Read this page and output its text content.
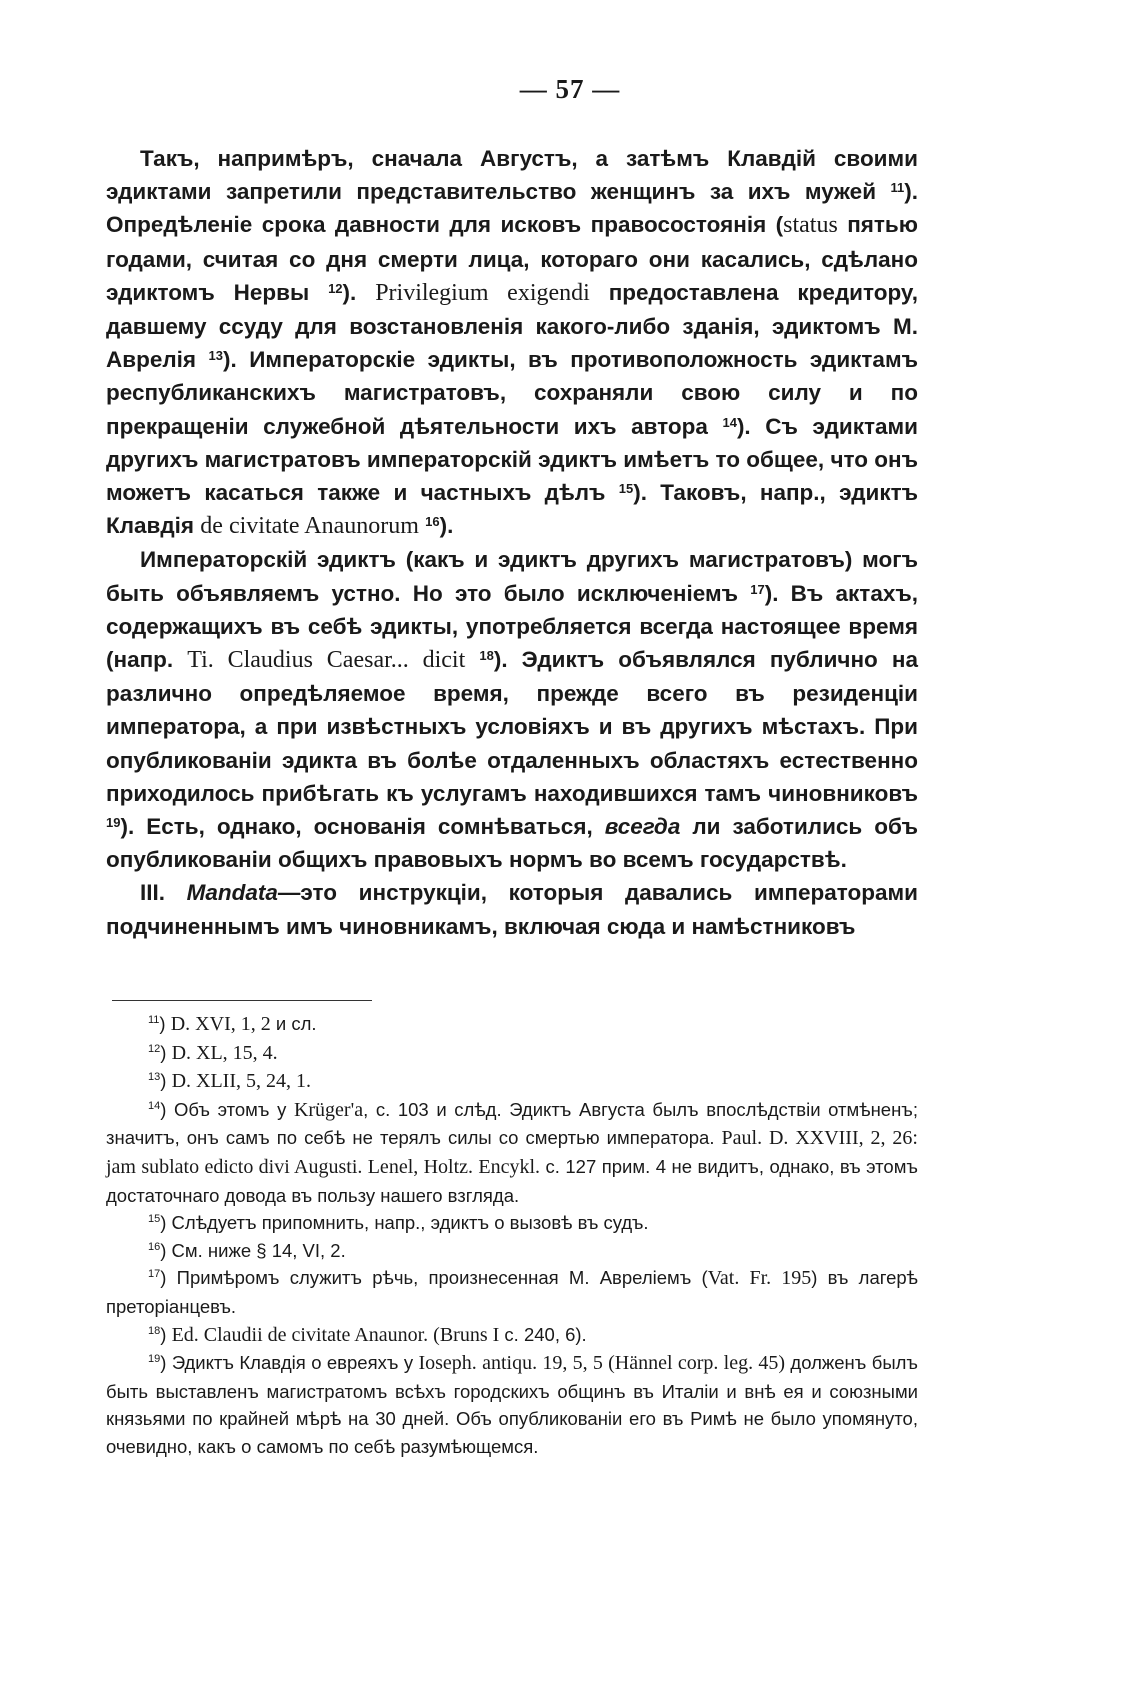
— 57 —

Такъ, напримѣръ, сначала Августъ, а затѣмъ Клавдій своими эдиктами запретили представительство женщинъ за ихъ мужей $^{11}$). Опредѣленіе срока давности для исковъ правосостоянія (status пятью годами, считая со дня смерти лица, котораго они касались, сдѣлано эдиктомъ Нервы $^{12}$). Privilegium exigendi предоставлена кредитору, давшему ссуду для возстановленія какого-либо зданія, эдиктомъ М. Аврелія $^{13}$). Императорскіе эдикты, въ противоположность эдиктамъ республиканскихъ магистратовъ, сохраняли свою силу и по прекращеніи служебной дѣятельности ихъ автора $^{14}$). Съ эдиктами другихъ магистратовъ императорскій эдиктъ имѣетъ то общее, что онъ можетъ касаться также и частныхъ дѣлъ $^{15}$). Таковъ, напр., эдиктъ Клавдія de civitate Anaunorum $^{16}$).

Императорскій эдиктъ (какъ и эдиктъ другихъ магистратовъ) могъ быть объявляемъ устно. Но это было исключеніемъ $^{17}$). Въ актахъ, содержащихъ въ себѣ эдикты, употребляется всегда настоящее время (напр. Ti. Claudius Caesar... dicit $^{18}$). Эдиктъ объявлялся публично на различно опредѣляемое время, прежде всего въ резиденціи императора, а при извѣстныхъ условіяхъ и въ другихъ мѣстахъ. При опубликованіи эдикта въ болѣе отдаленныхъ областяхъ естественно приходилось прибѣгать къ услугамъ находившихся тамъ чиновниковъ $^{19}$). Есть, однако, основанія сомнѣваться, всегда ли заботились объ опубликованіи общихъ правовыхъ нормъ во всемъ государствѣ.

III. Mandata—это инструкціи, которыя давались императорами подчиненнымъ имъ чиновникамъ, включая сюда и намѣстниковъ

$^{11}$) D. XVI, 1, 2 и сл.

$^{12}$) D. XL, 15, 4.

$^{13}$) D. XLII, 5, 24, 1.

$^{14}$) Объ этомъ у Krüger'a, с. 103 и слѣд. Эдиктъ Августа былъ впослѣдствіи отмѣненъ; значитъ, онъ самъ по себѣ не терялъ силы со смертью императора. Paul. D. XXVIII, 2, 26: jam sublato edicto divi Augusti. Lenel, Holtz. Encykl. с. 127 прим. 4 не видитъ, однако, въ этомъ достаточнаго довода въ пользу нашего взгляда.

$^{15}$) Слѣдуетъ припомнить, напр., эдиктъ о вызовѣ въ судъ.

$^{16}$) См. ниже § 14, VI, 2.

$^{17}$) Примѣромъ служитъ рѣчь, произнесенная М. Авреліемъ (Vat. Fr. 195) въ лагерѣ преторіанцевъ.

$^{18}$) Ed. Claudii de civitate Anaunor. (Bruns I с. 240, 6).

$^{19}$) Эдиктъ Клавдія о евреяхъ у Ioseph. antiqu. 19, 5, 5 (Hännel corp. leg. 45) долженъ былъ быть выставленъ магистратомъ всѣхъ городскихъ общинъ въ Италіи и внѣ ея и союзными князьями по крайней мѣрѣ на 30 дней. Объ опубликованіи его въ Римѣ не было упомянуто, очевидно, какъ о самомъ по себѣ разумѣющемся.
